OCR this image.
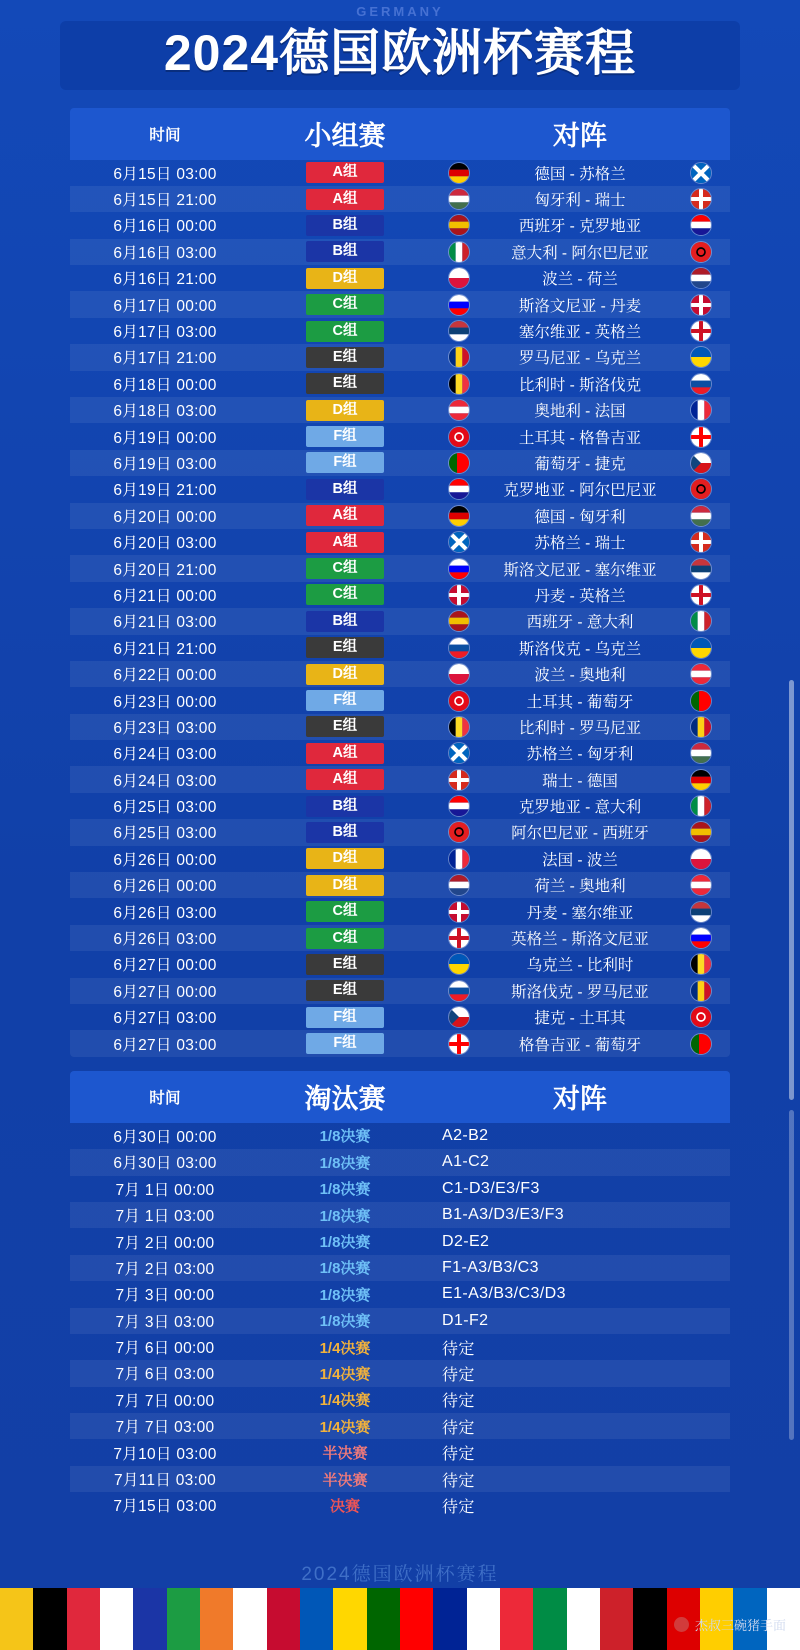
GERMANY
2024德国欧洲杯赛程
时间	小组赛	对阵
6月15日 03:00	A组	德国 - 苏格兰
6月15日 21:00	A组	匈牙利 - 瑞士
6月16日 00:00	B组	西班牙 - 克罗地亚
6月16日 03:00	B组	意大利 - 阿尔巴尼亚
6月16日 21:00	D组	波兰 - 荷兰
6月17日 00:00	C组	斯洛文尼亚 - 丹麦
6月17日 03:00	C组	塞尔维亚 - 英格兰
6月17日 21:00	E组	罗马尼亚 - 乌克兰
6月18日 00:00	E组	比利时 - 斯洛伐克
6月18日 03:00	D组	奥地利 - 法国
6月19日 00:00	F组	土耳其 - 格鲁吉亚
6月19日 03:00	F组	葡萄牙 - 捷克
6月19日 21:00	B组	克罗地亚 - 阿尔巴尼亚
6月20日 00:00	A组	德国 - 匈牙利
6月20日 03:00	A组	苏格兰 - 瑞士
6月20日 21:00	C组	斯洛文尼亚 - 塞尔维亚
6月21日 00:00	C组	丹麦 - 英格兰
6月21日 03:00	B组	西班牙 - 意大利
6月21日 21:00	E组	斯洛伐克 - 乌克兰
6月22日 00:00	D组	波兰 - 奥地利
6月23日 00:00	F组	土耳其 - 葡萄牙
6月23日 03:00	E组	比利时 - 罗马尼亚
6月24日 03:00	A组	苏格兰 - 匈牙利
6月24日 03:00	A组	瑞士 - 德国
6月25日 03:00	B组	克罗地亚 - 意大利
6月25日 03:00	B组	阿尔巴尼亚 - 西班牙
6月26日 00:00	D组	法国 - 波兰
6月26日 00:00	D组	荷兰 - 奥地利
6月26日 03:00	C组	丹麦 - 塞尔维亚
6月26日 03:00	C组	英格兰 - 斯洛文尼亚
6月27日 00:00	E组	乌克兰 - 比利时
6月27日 00:00	E组	斯洛伐克 - 罗马尼亚
6月27日 03:00	F组	捷克 - 土耳其
6月27日 03:00	F组	格鲁吉亚 - 葡萄牙
时间	淘汰赛	对阵
6月30日 00:00	1/8决赛	A2-B2
6月30日 03:00	1/8决赛	A1-C2
7月 1日 00:00	1/8决赛	C1-D3/E3/F3
7月 1日 03:00	1/8决赛	B1-A3/D3/E3/F3
7月 2日 00:00	1/8决赛	D2-E2
7月 2日 03:00	1/8决赛	F1-A3/B3/C3
7月 3日 00:00	1/8决赛	E1-A3/B3/C3/D3
7月 3日 03:00	1/8决赛	D1-F2
7月 6日 00:00	1/4决赛	待定
7月 6日 03:00	1/4决赛	待定
7月 7日 00:00	1/4决赛	待定
7月 7日 03:00	1/4决赛	待定
7月10日 03:00	半决赛	待定
7月11日 03:00	半决赛	待定
7月15日 03:00	决赛	待定
杰叔三碗猪手面
2024德国欧洲杯赛程
